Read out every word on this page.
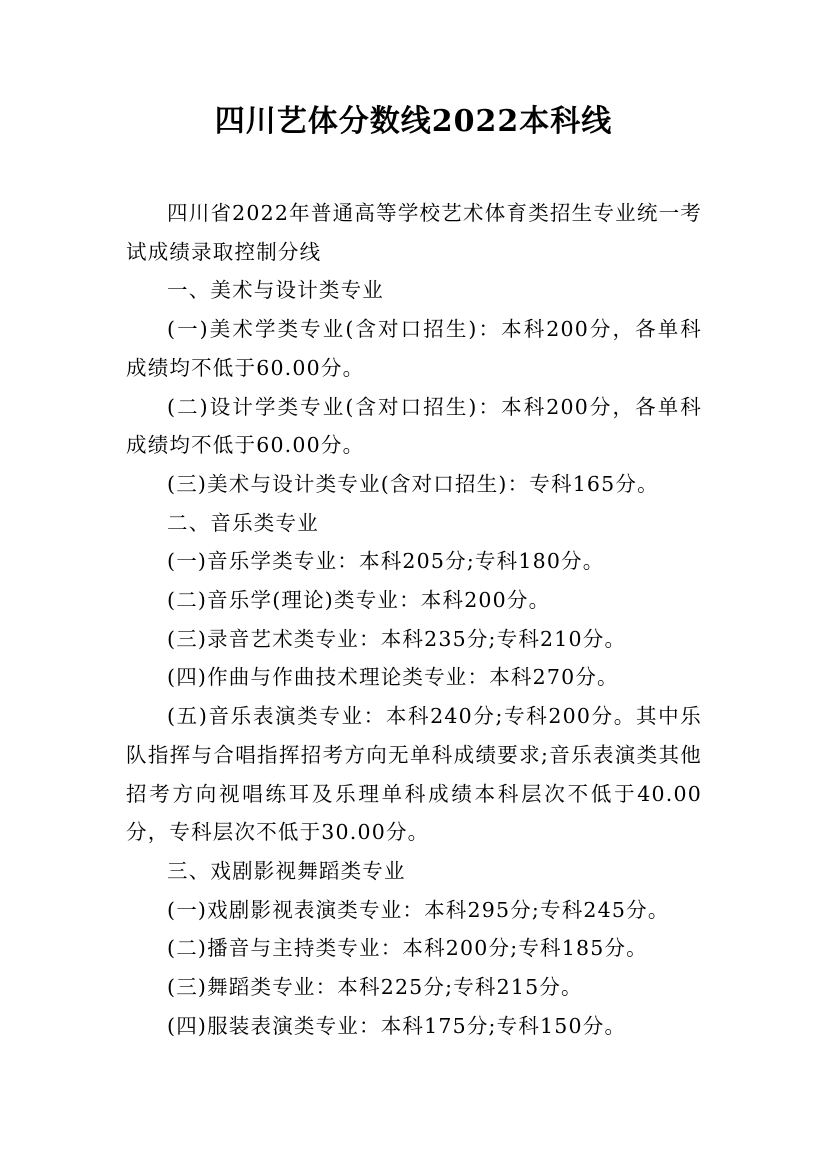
四川艺体分数线2022本科线

四川省2022年普通高等学校艺术体育类招生专业统一考试成绩录取控制分线

一、美术与设计类专业

(一)美术学类专业(含对口招生)：本科200分，各单科成绩均不低于60.00分。

(二)设计学类专业(含对口招生)：本科200分，各单科成绩均不低于60.00分。

(三)美术与设计类专业(含对口招生)：专科165分。

二、音乐类专业

(一)音乐学类专业：本科205分;专科180分。

(二)音乐学(理论)类专业：本科200分。

(三)录音艺术类专业：本科235分;专科210分。

(四)作曲与作曲技术理论类专业：本科270分。

(五)音乐表演类专业：本科240分;专科200分。其中乐队指挥与合唱指挥招考方向无单科成绩要求;音乐表演类其他招考方向视唱练耳及乐理单科成绩本科层次不低于40.00分，专科层次不低于30.00分。

三、戏剧影视舞蹈类专业

(一)戏剧影视表演类专业：本科295分;专科245分。

(二)播音与主持类专业：本科200分;专科185分。

(三)舞蹈类专业：本科225分;专科215分。

(四)服装表演类专业：本科175分;专科150分。
